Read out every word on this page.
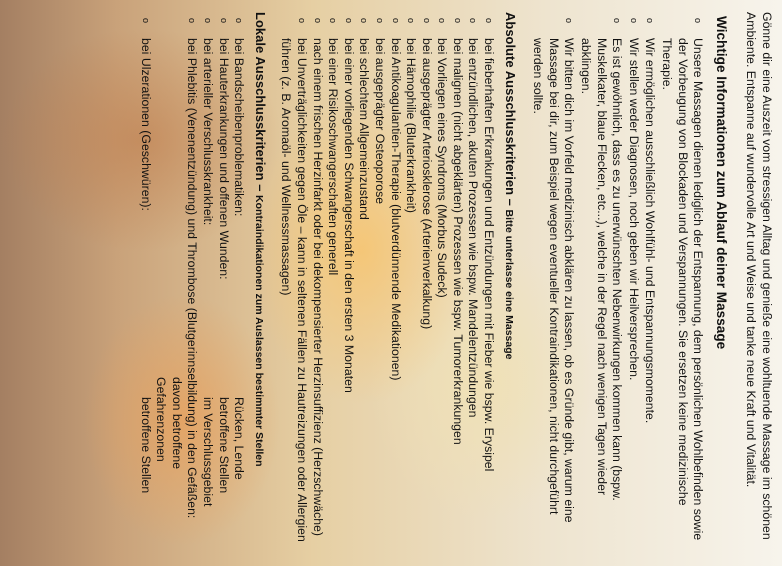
Gönne dir eine Auszeit vom stressigen Alltag und genieße eine wohltuende Massage im schönen Ambiente. Entspanne auf wundervolle Art und Weise und tanke neue Kraft und Vitalität.

Wichtige Informationen zum Ablauf deiner Massage
o
Unsere Massagen dienen lediglich der Entspannung, dem persönlichen Wohlbefinden sowie der Vorbeugung von Blockaden und Verspannungen. Sie ersetzen keine medizinische Therapie.
o
Wir ermöglichen ausschließlich Wohlfühl- und Entspannungsmomente.
o
Wir stellen weder Diagnosen, noch geben wir Heilversprechen.
o
Es ist gewöhnlich, dass es zu unerwünschten Nebenwirkungen kommen kann (bspw. Muskelkater, blaue Flecken, etc...), welche in der Regel nach wenigen Tagen wieder abklingen.
o
Wir bitten dich im Vorfeld medizinisch abklären zu lassen, ob es Gründe gibt, warum eine Massage bei dir, zum Beispiel wegen eventueller Kontraindikationen, nicht durchgeführt werden sollte.
Absolute Ausschlusskriterien – Bitte unterlasse eine Massage
o
bei fieberhaften Erkrankungen und Entzündungen mit Fieber wie bspw. Erysipel
o
bei entzündlichen, akuten Prozessen wie bspw. Mandelentzündungen
o
bei malignen (nicht abgeklärten) Prozessen wie bspw. Tumorerkrankungen
o
bei Vorliegen eines Syndroms (Morbus Sudeck)
o
bei ausgeprägter Arteriosklerose (Arterienverkalkung)
o
bei Hämophilie (Bluterkrankheit)
o
bei Antikoagulantien-Therapie (blutverdünnende Medikationen)
o
bei ausgeprägter Osteoporose
o
bei schlechtem Allgemeinzustand
o
bei einer vorliegenden Schwangerschaft in den ersten 3 Monaten
o
bei einer Risikoschwangerschaften generell
o
nach einem frischen Herzinfarkt oder bei dekompensierter Herzinsuffizienz (Herzschwäche)
o
bei Unverträglichkeiten gegen Öle – kann in seltenen Fällen zu Hautreizungen oder Allergien führen (z. B. Aromaöl- und Wellnessmassagen)
Lokale Ausschlusskriterien – Kontraindikationen zum Auslassen bestimmter Stellen
o
bei Bandscheibenproblematiken:
Rücken, Lende
o
bei Hauterkrankungen und offenen Wunden:
betroffene Stellen
o
bei arterieller Verschlusskrankheit:
im Verschlussgebiet
o
bei Phlebitis (Venenentzündung) und Thrombose (Blutgerinnselbildung) in den Gefäßen:
davon betroffene Gefahrenzonen
o
bei Ulzerationen (Geschwüren):
betroffene Stellen
